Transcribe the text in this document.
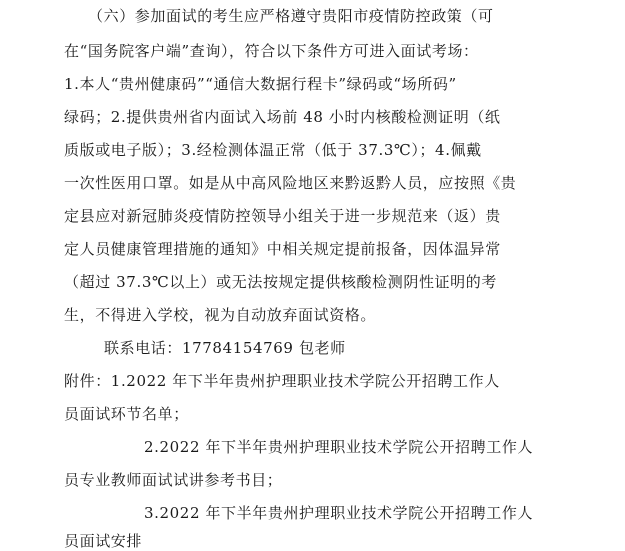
（六）参加面试的考生应严格遵守贵阳市疫情防控政策（可
在“国务院客户端”查询），符合以下条件方可进入面试考场：
1.本人“贵州健康码”“通信大数据行程卡”绿码或“场所码”
绿码；2.提供贵州省内面试入场前 48 小时内核酸检测证明（纸
质版或电子版）；3.经检测体温正常（低于 37.3℃）；4.佩戴
一次性医用口罩。如是从中高风险地区来黔返黔人员，应按照《贵
定县应对新冠肺炎疫情防控领导小组关于进一步规范来（返）贵
定人员健康管理措施的通知》中相关规定提前报备，因体温异常
（超过 37.3℃以上）或无法按规定提供核酸检测阴性证明的考
生，不得进入学校，视为自动放弃面试资格。
联系电话：17784154769 包老师
附件：1.2022 年下半年贵州护理职业技术学院公开招聘工作人
员面试环节名单；
2.2022 年下半年贵州护理职业技术学院公开招聘工作人
员专业教师面试试讲参考书目；
3.2022 年下半年贵州护理职业技术学院公开招聘工作人
员面试安排
